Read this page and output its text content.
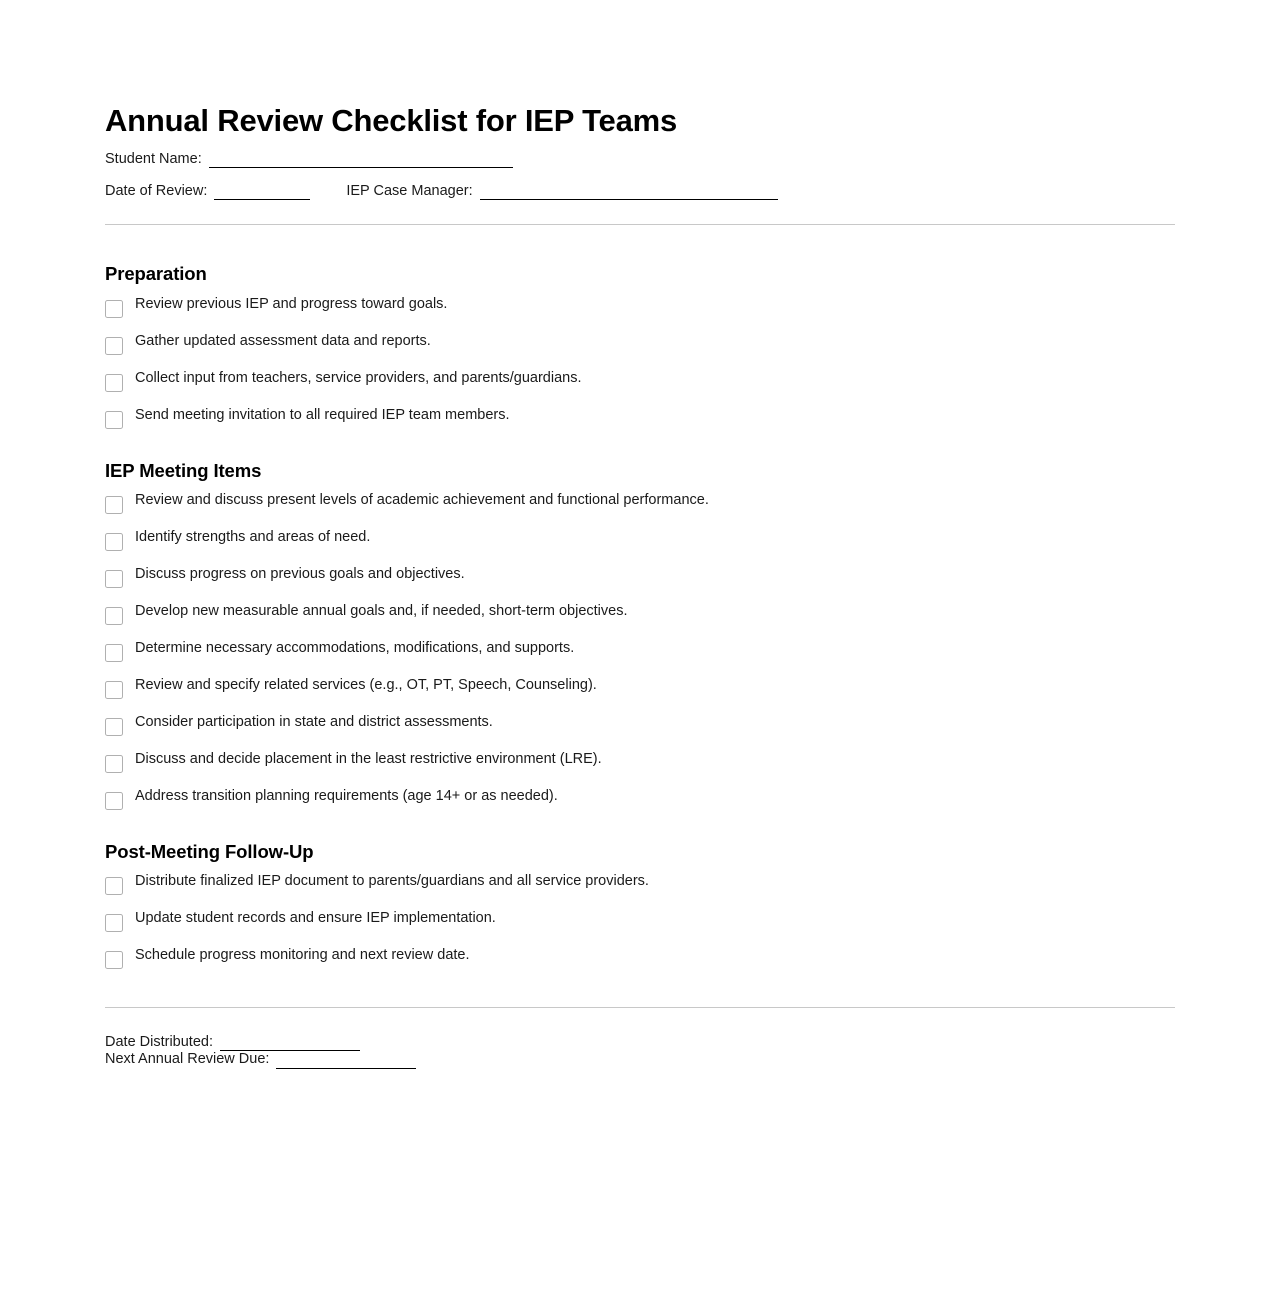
Annual Review Checklist for IEP Teams
Student Name:
Date of Review:	IEP Case Manager:
Preparation
Review previous IEP and progress toward goals.
Gather updated assessment data and reports.
Collect input from teachers, service providers, and parents/guardians.
Send meeting invitation to all required IEP team members.
IEP Meeting Items
Review and discuss present levels of academic achievement and functional performance.
Identify strengths and areas of need.
Discuss progress on previous goals and objectives.
Develop new measurable annual goals and, if needed, short-term objectives.
Determine necessary accommodations, modifications, and supports.
Review and specify related services (e.g., OT, PT, Speech, Counseling).
Consider participation in state and district assessments.
Discuss and decide placement in the least restrictive environment (LRE).
Address transition planning requirements (age 14+ or as needed).
Post-Meeting Follow-Up
Distribute finalized IEP document to parents/guardians and all service providers.
Update student records and ensure IEP implementation.
Schedule progress monitoring and next review date.
Date Distributed:
Next Annual Review Due:
